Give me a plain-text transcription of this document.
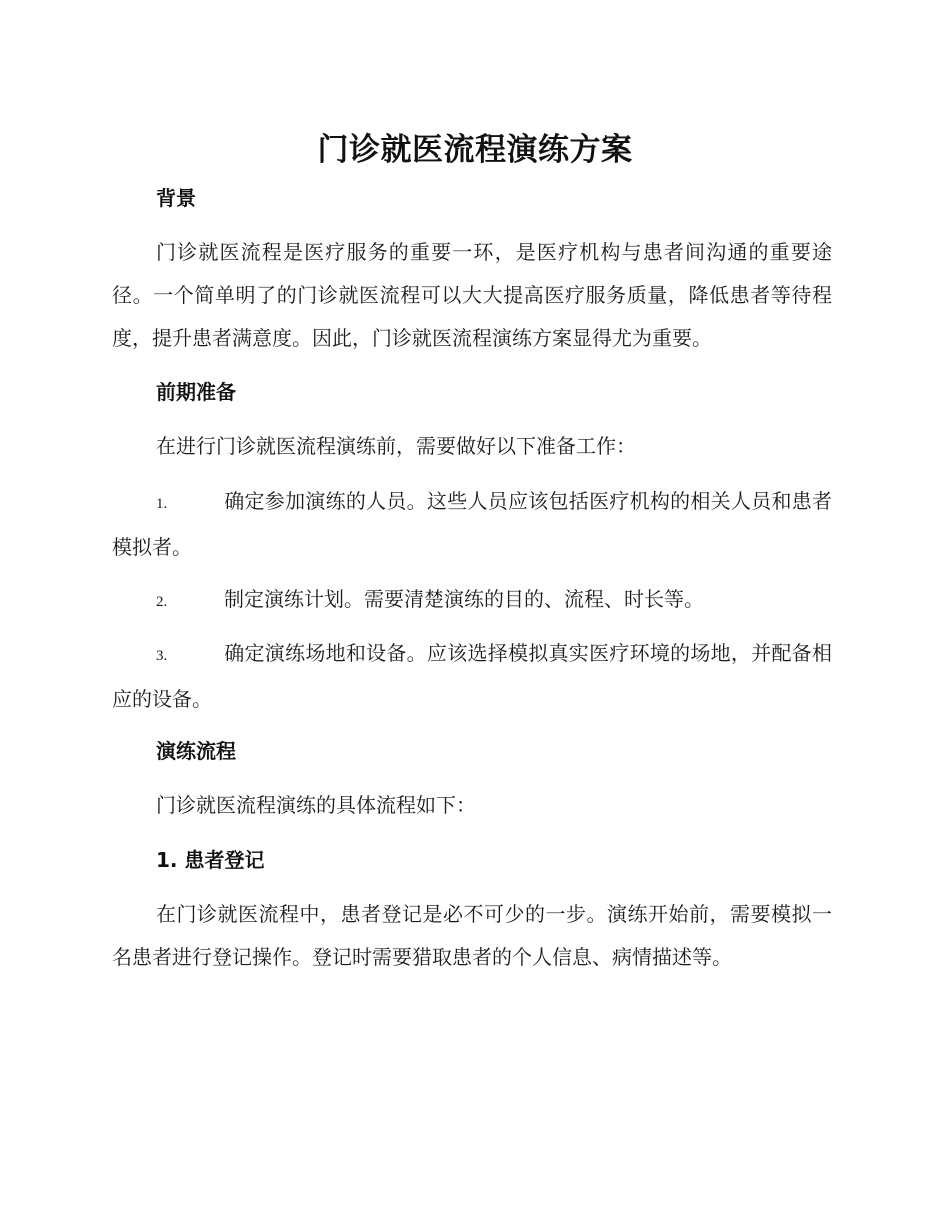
门诊就医流程演练方案
背景
门诊就医流程是医疗服务的重要一环，是医疗机构与患者间沟通的重要途径。一个简单明了的门诊就医流程可以大大提高医疗服务质量，降低患者等待程度，提升患者满意度。因此，门诊就医流程演练方案显得尤为重要。
前期准备
在进行门诊就医流程演练前，需要做好以下准备工作：
1.	确定参加演练的人员。这些人员应该包括医疗机构的相关人员和患者模拟者。
2.	制定演练计划。需要清楚演练的目的、流程、时长等。
3.	确定演练场地和设备。应该选择模拟真实医疗环境的场地，并配备相应的设备。
演练流程
门诊就医流程演练的具体流程如下：
1. 患者登记
在门诊就医流程中，患者登记是必不可少的一步。演练开始前，需要模拟一名患者进行登记操作。登记时需要猎取患者的个人信息、病情描述等。
